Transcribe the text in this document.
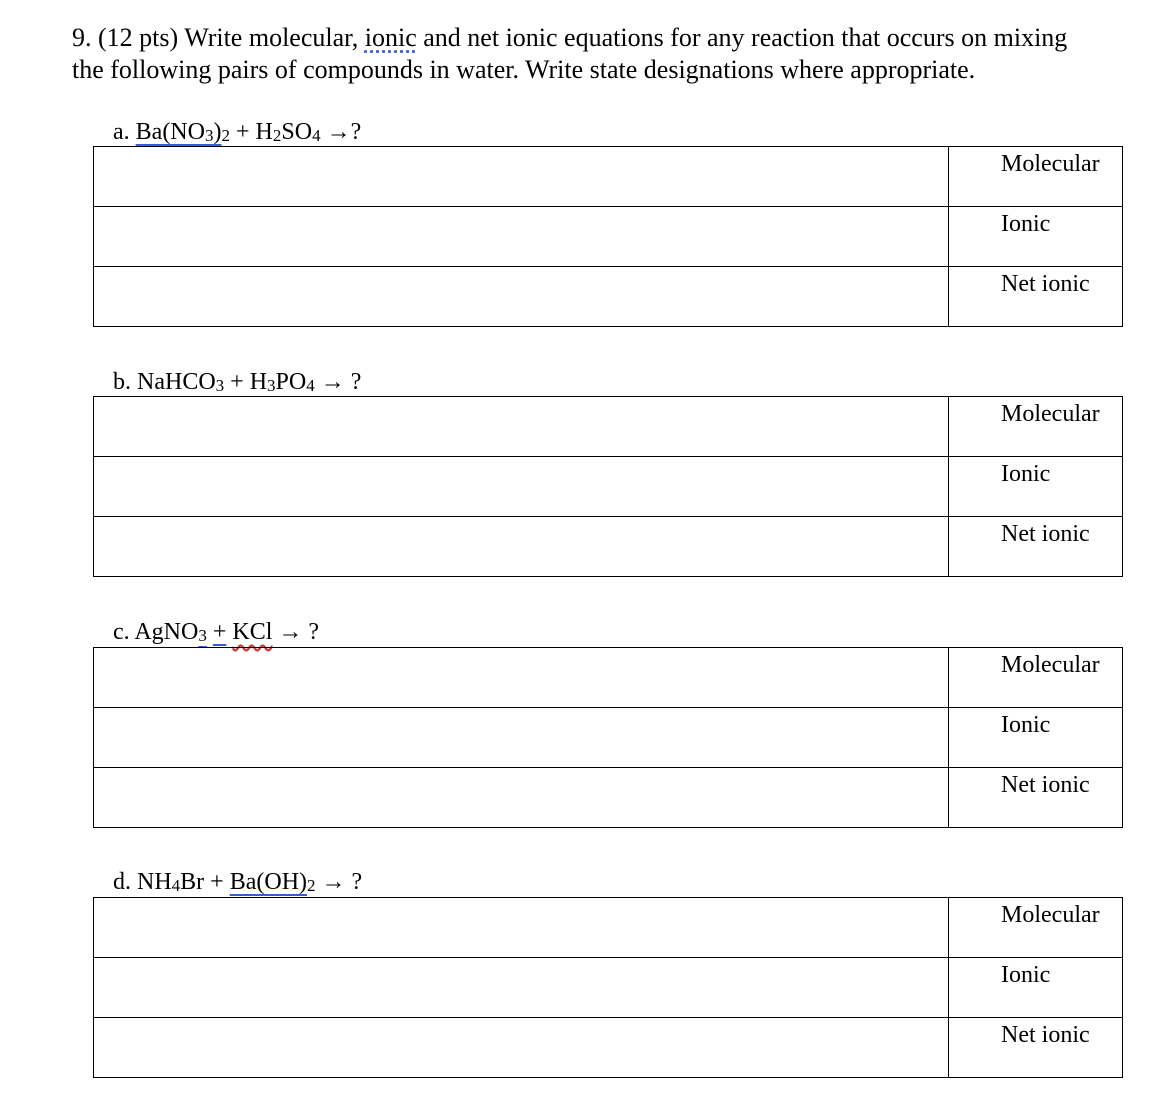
9. (12 pts) Write molecular, ionic and net ionic equations for any reaction that occurs on mixing

the following pairs of compounds in water. Write state designations where appropriate.

a. $Ba(NO_3)_2 + H_2SO_4$ →?
	Molecular
	Ionic
	Net ionic
b. NaHCO$_3$ + $H_3PO_4$ → ?
	Molecular
	Ionic
	Net ionic
c. AgNO$_3$ + KCl → ?
	Molecular
	Ionic
	Net ionic
d. $NH_4Br + Ba(OH)_2$ → ?
	Molecular
	Ionic
	Net ionic
